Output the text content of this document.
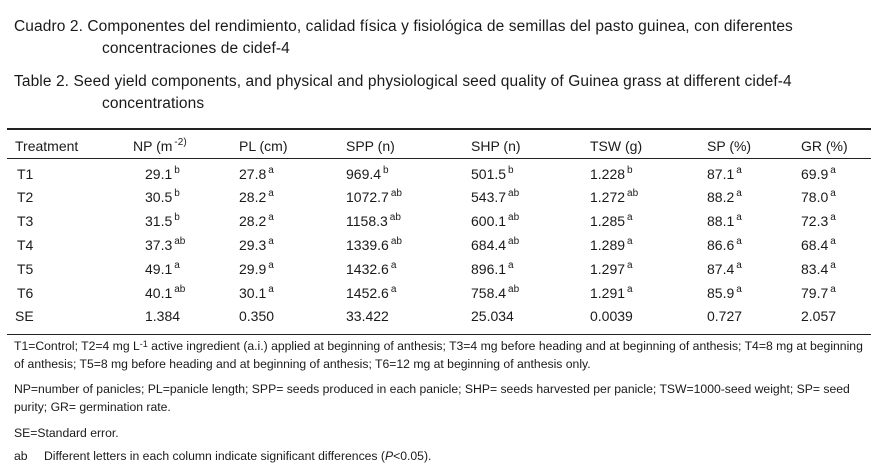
Cuadro 2. Componentes del rendimiento, calidad física y fisiológica de semillas del pasto guinea, con diferentes
concentraciones de cidef-4
Table 2. Seed yield components, and physical and physiological seed quality of Guinea grass at different cidef-4
concentrations
Treatment	NP (m $^{-2)}$	PL (cm)	SPP (n)	SHP (n)	TSW (g)	SP (%)	GR (%)
T1	29.1 $^b$	27.8 $^a$	969.4 $^b$	501.5 $^b$	1.228 $^b$	87.1 $^a$	69.9 $^a$
T2	30.5 $^b$	28.2 $^a$	1072.7 $^{ab}$	543.7 $^{ab}$	1.272 $^{ab}$	88.2 $^a$	78.0 $^a$
T3	31.5 $^b$	28.2 $^a$	1158.3 $^{ab}$	600.1 $^{ab}$	1.285 $^a$	88.1 $^a$	72.3 $^a$
T4	37.3 $^{ab}$	29.3 $^a$	1339.6 $^{ab}$	684.4 $^{ab}$	1.289 $^a$	86.6 $^a$	68.4 $^a$
T5	49.1 $^a$	29.9 $^a$	1432.6 $^a$	896.1 $^a$	1.297 $^a$	87.4 $^a$	83.4 $^a$
T6	40.1 $^{ab}$	30.1 $^a$	1452.6 $^a$	758.4 $^{ab}$	1.291 $^a$	85.9 $^a$	79.7 $^a$
SE	1.384	0.350	33.422	25.034	0.0039	0.727	2.057
T1=Control; T2=4 mg $L^{-1}$ active ingredient (a.i.) applied at beginning of anthesis; T3=4 mg before heading and at beginning of anthesis; T4=8 mg at beginning of anthesis; T5=8 mg before heading and at beginning of anthesis; T6=12 mg at beginning of anthesis only.
NP=number of panicles; PL=panicle length; SPP= seeds produced in each panicle; SHP= seeds harvested per panicle; TSW=1000-seed weight; SP= seed purity; GR= germination rate.
SE=Standard error.
ab Different letters in each column indicate significant differences (P<0.05).
